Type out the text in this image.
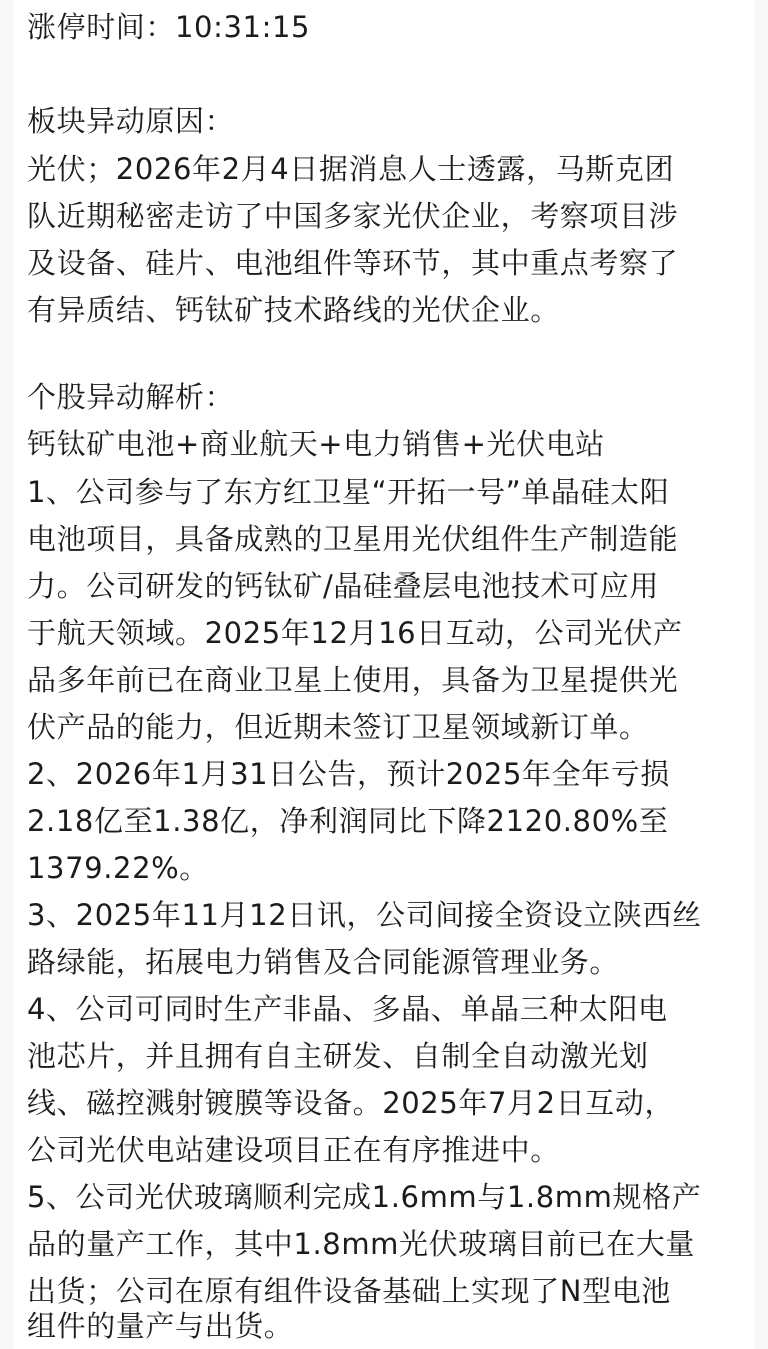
涨停时间：10:31:15
板块异动原因：
光伏；2026年2月4日据消息人士透露，马斯克团
队近期秘密走访了中国多家光伏企业，考察项目涉
及设备、硅片、电池组件等环节，其中重点考察了
有异质结、钙钛矿技术路线的光伏企业。
个股异动解析：
钙钛矿电池+商业航天+电力销售+光伏电站
1、公司参与了东方红卫星“开拓一号”单晶硅太阳
电池项目，具备成熟的卫星用光伏组件生产制造能
力。公司研发的钙钛矿/晶硅叠层电池技术可应用
于航天领域。2025年12月16日互动，公司光伏产
品多年前已在商业卫星上使用，具备为卫星提供光
伏产品的能力，但近期未签订卫星领域新订单。
2、2026年1月31日公告，预计2025年全年亏损
2.18亿至1.38亿，净利润同比下降2120.80%至
1379.22%。
3、2025年11月12日讯，公司间接全资设立陕西丝
路绿能，拓展电力销售及合同能源管理业务。
4、公司可同时生产非晶、多晶、单晶三种太阳电
池芯片，并且拥有自主研发、自制全自动激光划
线、磁控溅射镀膜等设备。2025年7月2日互动，
公司光伏电站建设项目正在有序推进中。
5、公司光伏玻璃顺利完成1.6mm与1.8mm规格产
品的量产工作，其中1.8mm光伏玻璃目前已在大量
出货；公司在原有组件设备基础上实现了N型电池
组件的量产与出货。
